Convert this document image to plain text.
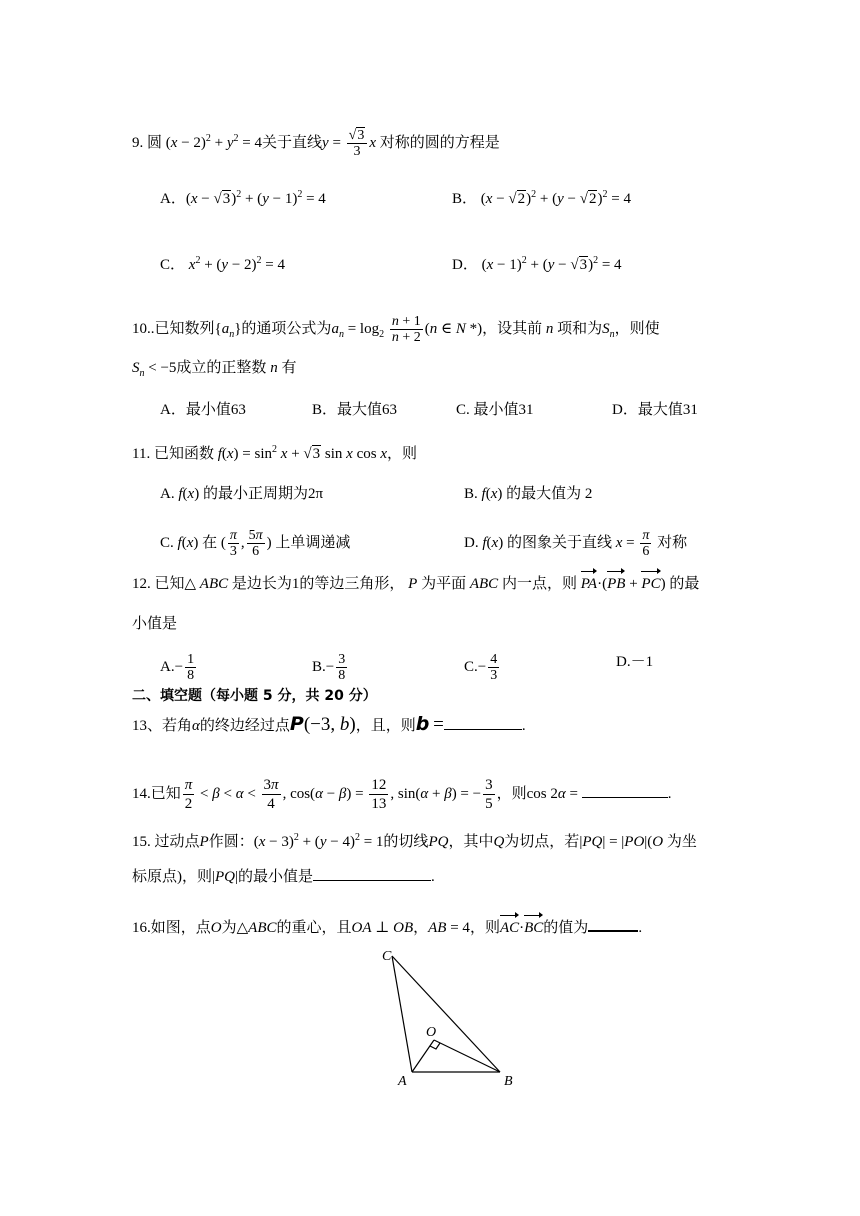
9. 圆 $(x - 2)^2 + y^2 = 4$关于直线$y = \frac{√3}{3}$ x 对称的圆的方程是
A．$(x - √3)^2 + (y - 1)^2 = 4$	B． $(x - √2)^2 + (y - √2)^2 = 4$
C． $x^2 + (y - 2)^2 = 4$	D． $(x - 1)^2 + (y - √3)^2 = 4$
10..已知数列$\{a_n\}$的通项公式为$a_n = \log_2 \frac{n + 1}{n + 2} (n$ ∈ N *)，设其前 n 项和为$S_n$，则使
$S_n < -5$成立的正整数 n 有
A．最小值63	B．最大值63	C. 最小值31	D．最大值31
11. 已知函数 $f(x) = \sin^2 x + √3$ sin x cos x，则
A. f(x) 的最小正周期为2π	B. f(x) 的最大值为 2
C. f(x) 在 ( $\frac{\pi}{3}$ , $\frac{5\pi}{6}$ ) 上单调递减	D. f(x) 的图象关于直线 $x = \frac{\pi}{6}$ 对称
12. 已知△ ABC 是边长为1的等边三角形， P 为平面 ABC 内一点，则 PA·(PB + PC) 的最
小值是
$A.- \frac{1}{8}$	$B.- \frac{3}{8}$	$C.- \frac{4}{3}$	D.－1
二、填空题（每小题 5 分，共 20 分）
13、若角α的终边经过点P(−3, b)，且，则b =	.
14.已知 $\frac{\pi}{2} < \beta < \alpha < \frac{3\pi}{4}$ , $\cos(\alpha - \beta) = \frac{12}{13}$ , sin(α + β) = − $\frac{3}{5}$ ，则cos 2α =	.
15. 过动点P作圆：$(x - 3)^2 + (y - 4)^2 = 1$的切线PQ，其中Q为切点，若|PQ| = |PO|(O 为坐
标原点)，则|PQ|的最小值是	.
16.如图，点O为△ABC的重心，且OA ⊥ OB，AB = 4，则AC·BC的值为	.
C
O
A	B
